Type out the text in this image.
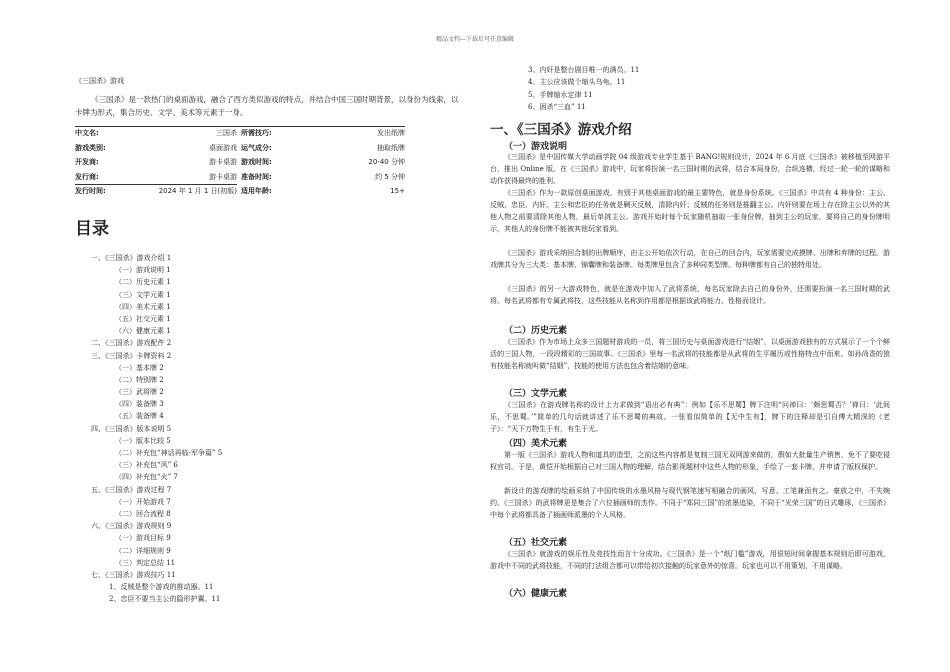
精品文档---下载后可任意编辑
《三国杀》游戏
《三国杀》是一款热门的桌面游戏，融合了西方类似游戏的特点，并结合中国三国时期背景，以身份为线索，以卡牌为形式，集合历史、文学、美术等元素于一身。
中文名:	三国杀 所需技巧:	发出纸牌
游戏类别:	桌面游戏 运气成分:	抽取纸牌
开发商:	游卡桌游 游戏时间:	20-40 分钟
发行商:	游卡桌游 准备时间:	约 5 分钟
发行时间:	2024 年 1 月 1 日(初版) 适用年龄:	15+
目录
一、《三国杀》游戏介绍 1
（一）游戏说明 1
（二）历史元素 1
（三）文学元素 1
（四）美术元素 1
（五）社交元素 1
（六）健康元素 1
二、《三国杀》游戏配件 2
三、《三国杀》卡牌资料 2
（一）基本牌 2
（二）特别牌 2
（三）武将牌 2
（四）装备牌 3
（五）装备牌 4
四、《三国杀》版本说明 5
（一）版本比较 5
（二）补充包“神话再临-军争篇” 5
（三）补充包“风” 6
（四）补充包“火” 7
五、《三国杀》游戏过程 7
（一）开始游戏 7
（二）回合流程 8
六、《三国杀》游戏规则 9
（一）游戏目标 9
（二）详细规则 9
（三）判定总结 11
七、《三国杀》游戏技巧 11
1、反贼是整个游戏的推动器。11
2、忠臣不要当主公的隐形护翼。11
3、内奸是整台剧目唯一的满员。11
4、主公应该做个缩头乌龟。11
5、手牌缩水定律 11
6、困杀“三血” 11
一、《三国杀》游戏介绍
（一）游戏说明
《三国杀》是中国传媒大学动画学院 04 级游戏专业学生基于 BANG!规则设计，2024 年 6 月底《三国杀》被移植至网游平台，推出 Online 版。在《三国杀》游戏中，玩家将扮演一名三国时期的武将，结合本局身份，合纵连横，经过一轮一轮的谋略和动作获得最终的胜利。
《三国杀》作为一款原创桌面游戏，有别于其他桌面游戏的最主要特色，就是身份系统。《三国杀》中共有 4 种身份：主公、反贼、忠臣、内奸。主公和忠臣的任务就是剿灭反贼，清除内奸；反贼的任务则是推翻主公。内奸则要在场上存在除主公以外的其他人物之前要清除其他人物，最后单挑主公。游戏开始时每个玩家随机抽取一张身份牌，抽到主公的玩家，要将自己的身份牌明示，其他人的身份牌不能被其他玩家看到。
《三国杀》游戏采纳回合制的出牌顺序，由主公开始依次行动，在自己的回合内，玩家需要完成摸牌、出牌和弃牌的过程。游戏牌共分为三大类：基本牌、锦囊牌和装备牌。每类牌里包含了多种同类型牌。每种牌都有自己的独特用处。
《三国杀》的另一大游戏特色，就是在游戏中加入了武将系统，每名玩家除去自己的身份外，还需要扮演一名三国时期的武将。每名武将都有专属武将技，这些技能从名称到作用都是根据该武将能力、性格而设计。
（二）历史元素
《三国杀》作为市场上众多三国题材游戏的一员，将三国历史与桌面游戏进行“结姻”，以桌面游戏独有的方式展示了一个个鲜活的三国人物，一段段精彩的三国故事。《三国杀》里每一名武将的技能都是从武将的生平履历或性格特点中而来。如孙尚香的狼有技能名称就叫做“结姻”，技能的使用方法也包含着结姻的意味。
（三）文学元素
《三国杀》在游戏牌名称的设计上力求做到“语出必有典”：例如【乐不思蜀】牌下注明“问禅曰：‘颇思蜀否？’禅曰：‘此间乐，不思蜀。’”简单的几句话就讲述了乐不思蜀的典故。一张看似简单的【无中生有】，牌下的注释却是引自傅大精深的《老子》：“天下万物生于有，有生于无。
（四）美术元素
第一版《三国杀》游戏人物和道具的造型，之前这些内容都是复制三国无双网游来做的，假如大批量生产销售，免不了要吃侵权官司。于是，黄恺开始根据自己对三国人物的理解，结合影视题材中这些人物的形象，手绘了一套卡牌，并申请了版权保护。
新设计的游戏牌的绘画采纳了中国传统的水墨风格与现代钢笔速写相融合的画风，写意、工笔兼而有之。豪放之中，不失婉约。《三国杀》的武将牌更是集合了六位插画师的杰作。不同于“郑同三国”的浓墨追染，不同于“光荣三国”的日式雕琢，《三国杀》中每个武将都具备了插画师派墨的个人风格。
（五）社交元素
《三国杀》就游戏的娱乐性及竞技性而言十分成功。《三国杀》是一个“纸门槛”游戏，用很短时间拿握基本规则后即可游戏，游戏中不同的武将技能，不同的打法组合都可以带给初次接触的玩家意外的惊喜。玩家也可以不用策划，不用谋略。
（六）健康元素
